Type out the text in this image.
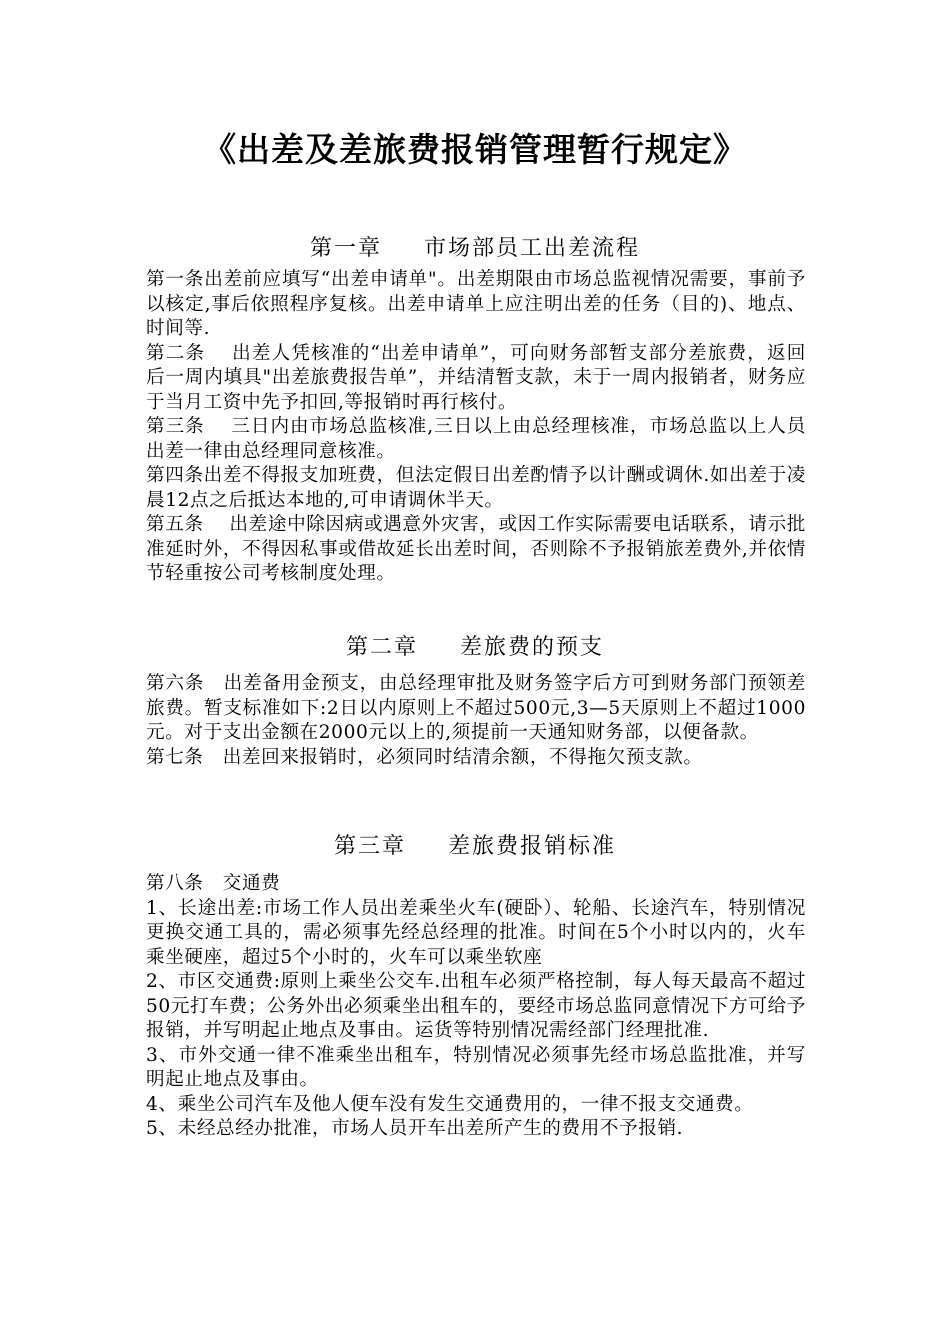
《出差及差旅费报销管理暂行规定》
第一章 市场部员工出差流程

第一条出差前应填写“出差申请单"。出差期限由市场总监视情况需要，事前予以核定,事后依照程序复核。出差申请单上应注明出差的任务（目的)、地点、时间等.

第二条　 出差人凭核准的“出差申请单”，可向财务部暂支部分差旅费，返回后一周内填具"出差旅费报告单”，并结清暂支款，未于一周内报销者，财务应于当月工资中先予扣回,等报销时再行核付。

第三条　 三日内由市场总监核准,三日以上由总经理核准，市场总监以上人员出差一律由总经理同意核准。

第四条出差不得报支加班费，但法定假日出差酌情予以计酬或调休.如出差于凌晨12点之后抵达本地的,可申请调休半天。

第五条　 出差途中除因病或遇意外灾害，或因工作实际需要电话联系，请示批准延时外，不得因私事或借故延长出差时间，否则除不予报销旅差费外,并依情节轻重按公司考核制度处理。

第二章 差旅费的预支

第六条　出差备用金预支，由总经理审批及财务签字后方可到财务部门预领差旅费。暂支标准如下:2日以内原则上不超过500元,3—5天原则上不超过1000元。对于支出金额在2000元以上的,须提前一天通知财务部，以便备款。

第七条　出差回来报销时，必须同时结清余额，不得拖欠预支款。

第三章 差旅费报销标准

第八条　交通费

1、长途出差:市场工作人员出差乘坐火车(硬卧）、轮船、长途汽车，特别情况更换交通工具的，需必须事先经总经理的批准。时间在5个小时以内的，火车乘坐硬座，超过5个小时的，火车可以乘坐软座

2、市区交通费:原则上乘坐公交车.出租车必须严格控制，每人每天最高不超过50元打车费；公务外出必须乘坐出租车的，要经市场总监同意情况下方可给予报销，并写明起止地点及事由。运货等特别情况需经部门经理批准.

3、市外交通一律不准乘坐出租车，特别情况必须事先经市场总监批准，并写明起止地点及事由。

4、乘坐公司汽车及他人便车没有发生交通费用的，一律不报支交通费。

5、未经总经办批准，市场人员开车出差所产生的费用不予报销.
